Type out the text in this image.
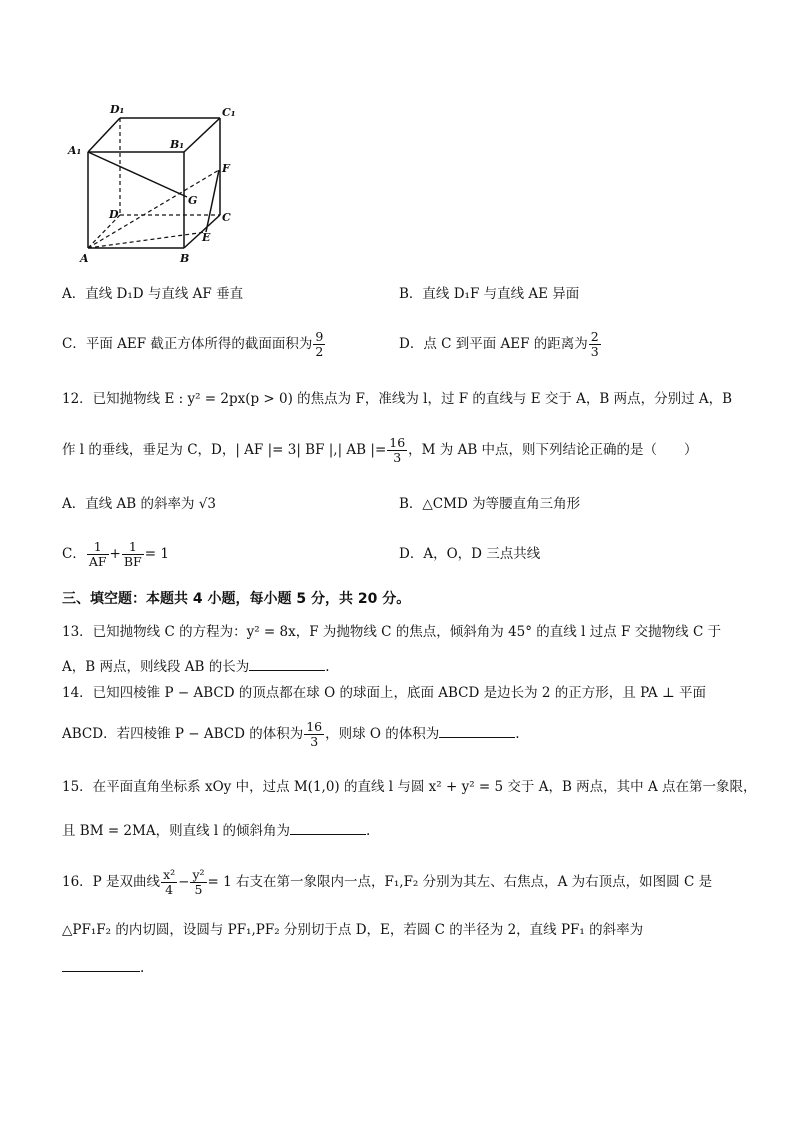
D₁	C₁
A₁	B₁
F
G
D	C
E
A	B
A．直线 D₁D 与直线 AF 垂直	B．直线 D₁F 与直线 AE 异面
C．平面 AEF 截正方体所得的截面面积为 $\frac{9}{2}$	D．点 C 到平面 AEF 的距离为 $\frac{2}{3}$
12．已知抛物线 E : y² = 2px(p > 0) 的焦点为 F，准线为 l，过 F 的直线与 E 交于 A，B 两点，分别过 A，B
作 l 的垂线，垂足为 C，D，| AF |= 3| BF |,| AB |= $\frac{16}{3}$ ，M 为 AB 中点，则下列结论正确的是（　　）
A．直线 AB 的斜率为 √3	B．△CMD 为等腰直角三角形
C． $\frac{1}{AF} + \frac{1}{BF} = 1$	D．A，O，D 三点共线
三、填空题：本题共 4 小题，每小题 5 分，共 20 分。
13．已知抛物线 C 的方程为：y² = 8x，F 为抛物线 C 的焦点，倾斜角为 45° 的直线 l 过点 F 交抛物线 C 于
A，B 两点，则线段 AB 的长为	.
14．已知四棱锥 P − ABCD 的顶点都在球 O 的球面上，底面 ABCD 是边长为 2 的正方形，且 PA ⊥ 平面
ABCD．若四棱锥 P − ABCD 的体积为 $\frac{16}{3}$ ，则球 O 的体积为	.
15．在平面直角坐标系 xOy 中，过点 M(1,0) 的直线 l 与圆 x² + y² = 5 交于 A，B 两点，其中 A 点在第一象限，
且 BM = 2MA，则直线 l 的倾斜角为	.
16．P 是双曲线 $\frac{\text{x²}}{4} - \frac{\text{y²}}{5} = 1$ 右支在第一象限内一点，F₁,F₂ 分别为其左、右焦点，A 为右顶点，如图圆 C 是
△PF₁F₂ 的内切圆，设圆与 PF₁,PF₂ 分别切于点 D，E，若圆 C 的半径为 2，直线 PF₁ 的斜率为
.
